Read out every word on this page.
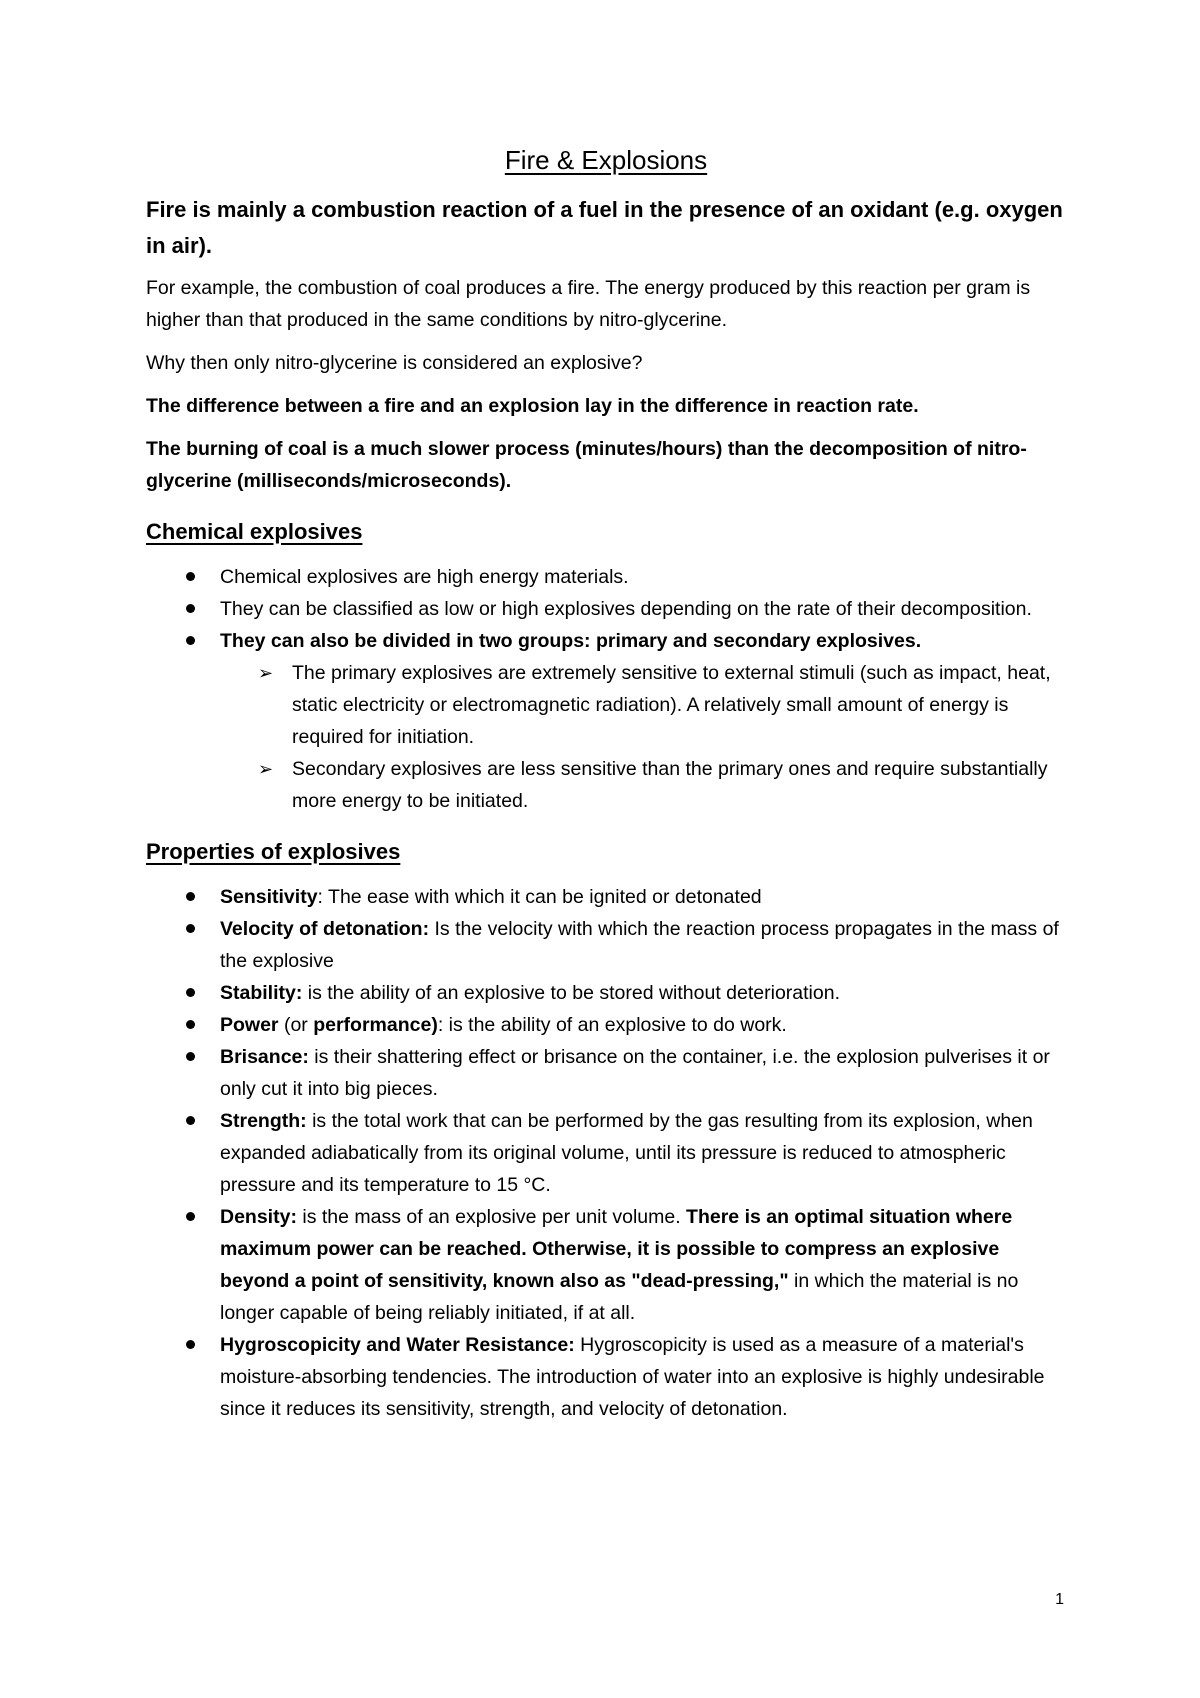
Fire & Explosions

Fire is mainly a combustion reaction of a fuel in the presence of an oxidant (e.g. oxygen in air).

For example, the combustion of coal produces a fire. The energy produced by this reaction per gram is higher than that produced in the same conditions by nitro-glycerine.

Why then only nitro-glycerine is considered an explosive?

The difference between a fire and an explosion lay in the difference in reaction rate.

The burning of coal is a much slower process (minutes/hours) than the decomposition of nitro-glycerine (milliseconds/microseconds).

Chemical explosives
Chemical explosives are high energy materials.
They can be classified as low or high explosives depending on the rate of their decomposition.
They can also be divided in two groups: primary and secondary explosives.
➢ The primary explosives are extremely sensitive to external stimuli (such as impact, heat, static electricity or electromagnetic radiation). A relatively small amount of energy is required for initiation.
➢ Secondary explosives are less sensitive than the primary ones and require substantially more energy to be initiated.
Properties of explosives
Sensitivity: The ease with which it can be ignited or detonated
Velocity of detonation: Is the velocity with which the reaction process propagates in the mass of the explosive
Stability: is the ability of an explosive to be stored without deterioration.
Power (or performance): is the ability of an explosive to do work.
Brisance: is their shattering effect or brisance on the container, i.e. the explosion pulverises it or only cut it into big pieces.
Strength: is the total work that can be performed by the gas resulting from its explosion, when expanded adiabatically from its original volume, until its pressure is reduced to atmospheric pressure and its temperature to 15 °C.
Density: is the mass of an explosive per unit volume. There is an optimal situation where maximum power can be reached. Otherwise, it is possible to compress an explosive beyond a point of sensitivity, known also as "dead-pressing," in which the material is no longer capable of being reliably initiated, if at all.
Hygroscopicity and Water Resistance: Hygroscopicity is used as a measure of a material's moisture-absorbing tendencies. The introduction of water into an explosive is highly undesirable since it reduces its sensitivity, strength, and velocity of detonation.
1
